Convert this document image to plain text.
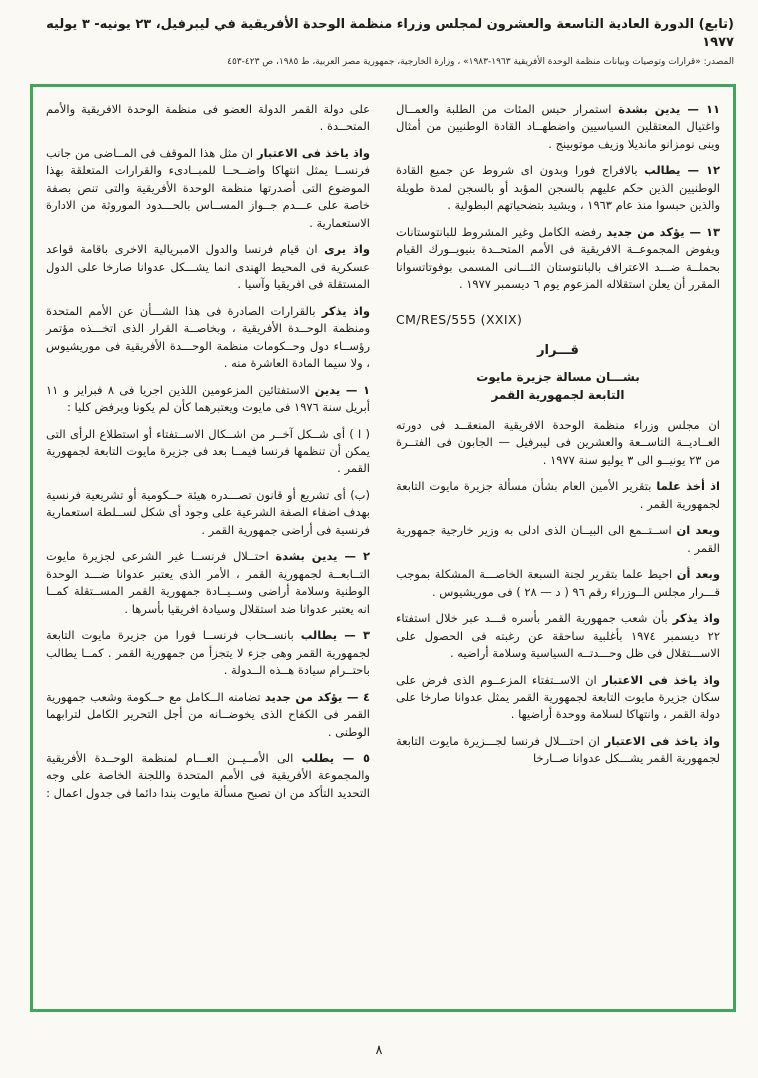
(تابع) الدورة العادية التاسعة والعشرون لمجلس وزراء منظمة الوحدة الأفريقية في ليبرفيل، ٢٣ يونيه- ٣ يوليه ١٩٧٧
المصدر: «قرارات وتوصيات وبيانات منظمة الوحدة الأفريقية ١٩٦٣-١٩٨٣» ، وزارة الخارجية، جمهورية مصر العربية، ط ١٩٨٥، ص ٤٢٣-٤٥٣

١١ — يدين بشدة استمرار حبس المئات من الطلبة والعمــال واغتيال المعتقلين السياسيين واضطهــاد القادة الوطنيين من أمثال وينى نومزانو مانديلا وزيف موتوبينج .

١٢ — يطالب بالافراج فورا وبدون اى شروط عن جميع القادة الوطنيين الذين حكم عليهم بالسجن المؤبد أو بالسجن لمدة طويلة والذين حبسوا منذ عام ١٩٦٣ ، ويشيد بتضحياتهم البطولية .

١٣ — يؤكد من جديد رفضه الكامل وغير المشروط للبانتوستانات ويفوض المجموعــة الافريقية فى الأمم المتحــدة بنيويــورك القيام بحملــة ضـــد الاعتراف بالبانتوستان الثـــانى المسمى بوفوتاتسوانا المقرر أن يعلن استقلاله المزعوم يوم ٦ ديسمبر ١٩٧٧ .

CM/RES/555 (XXIX)
قـــرار
بشـــان مسالة جزيرة مايوت
التابعة لجمهورية القمر

ان مجلس وزراء منظمة الوحدة الافريقية المنعقــد فى دورته العــاديــة التاســعة والعشرين فى ليبرفيل — الجابون فى الفتــرة من ٢٣ يونيــو الى ٣ يوليو سنة ١٩٧٧ .

اذ أخذ علما بتقرير الأمين العام بشأن مسألة جزيرة مايوت التابعة لجمهورية القمر .

وبعد ان اســتــمع الى البيــان الذى ادلى به وزير خارجية جمهورية القمر .

وبعد أن احيط علما بتقرير لجنة السبعة الخاصـــة المشكلة بموجب قـــرار مجلس الــوزراء رقم ٩٦ ( د — ٢٨ ) فى موريشيوس .

واذ يذكر بأن شعب جمهورية القمر بأسره قـــد عبر خلال استفتاء ٢٢ ديسمبر ١٩٧٤ بأغلبية ساحقة عن رغبته فى الحصول على الاســـتقلال فى ظل وحـــدتــه السياسية وسلامة أراضيه .

واذ ياخذ فى الاعتبار ان الاســتفتاء المزعــوم الذى فرض على سكان جزيرة مايوت التابعة لجمهورية القمر يمثل عدوانا صارخا على دولة القمر ، وانتهاكا لسلامة ووحدة أراضيها .

واذ ياخذ فى الاعتبار ان احتـــلال فرنسا لجـــزيرة مايوت التابعة لجمهورية القمر يشـــكل عدوانا صــارخا

على دولة القمر الدولة العضو فى منظمة الوحدة الافريقية والأمم المتحــدة .

واذ ياخذ فى الاعتبار ان مثل هذا الموقف فى المــاضى من جانب فرنســا يمثل انتهاكا واضــحــا للمبــادىء والقرارات المتعلقة بهذا الموضوع التى أصدرتها منظمة الوحدة الأفريقية والتى تنص بصفة خاصة على عـــدم جــواز المســاس بالحـــدود الموروثة من الادارة الاستعمارية .

واذ يرى ان قيام فرنسا والدول الامبريالية الاخرى باقامة قواعد عسكرية فى المحيط الهندى انما يشـــكل عدوانا صارخا على الدول المستقلة فى افريقيا وآسيا .

واذ يذكر بالقرارات الصادرة فى هذا الشـــأن عن الأمم المتحدة ومنظمة الوحــدة الأفريقية ، وبخاصــة القرار الذى اتخـــذه مؤتمر رؤســاء دول وحــكومات منظمة الوحـــدة الأفريقية فى موريشيوس ، ولا سيما المادة العاشرة منه .

١ — يدين الاستفتائين المزعومين اللذين اجريا فى ٨ فبراير و ١١ أبريل سنة ١٩٧٦ فى مايوت ويعتبرهما كأن لم يكونا ويرفض كليا :

( ا ) أى شــكل آخــر من اشــكال الاســتفتاء أو استطلاع الرأى التى يمكن أن تنظمها فرنسا فيمــا بعد فى جزيرة مايوت التابعة لجمهورية القمر .

(ب) أى تشريع أو قانون تصـــدره هيئة حــكومية أو تشريعية فرنسية بهدف اضفاء الصفة الشرعية على وجود أى شكل لســلطة استعمارية فرنسية فى أراضى جمهورية القمر .

٢ — يدين بشدة احتــلال فرنســا غير الشرعى لجزيرة مايوت التــابعــة لجمهورية القمر ، الأمر الذى يعتبر عدوانا ضـــد الوحدة الوطنية وسلامة أراضى وســيــادة جمهورية القمر المســتقلة كمــا انه يعتبر عدوانا ضد استقلال وسيادة افريقيا بأسرها .

٣ — يطالب بانســحاب فرنســا فورا من جزيرة مايوت التابعة لجمهورية القمر وهى جزء لا يتجزأ من جمهورية القمر . كمــا يطالب باحتــرام سيادة هــذه الــدولة .

٤ — يؤكد من جديد تضامنه الــكامل مع حــكومة وشعب جمهورية القمر فى الكفاح الذى يخوضــانه من أجل التحرير الكامل لترابهما الوطنى .

٥ — يطلب الى الأمــيــن العـــام لمنظمة الوحــدة الأفريقية والمجموعة الأفريقية فى الأمم المتحدة واللجنة الخاصة على وجه التحديد التأكد من ان تصبح مسألة مايوت بندا دائما فى جدول اعمال :

٨
